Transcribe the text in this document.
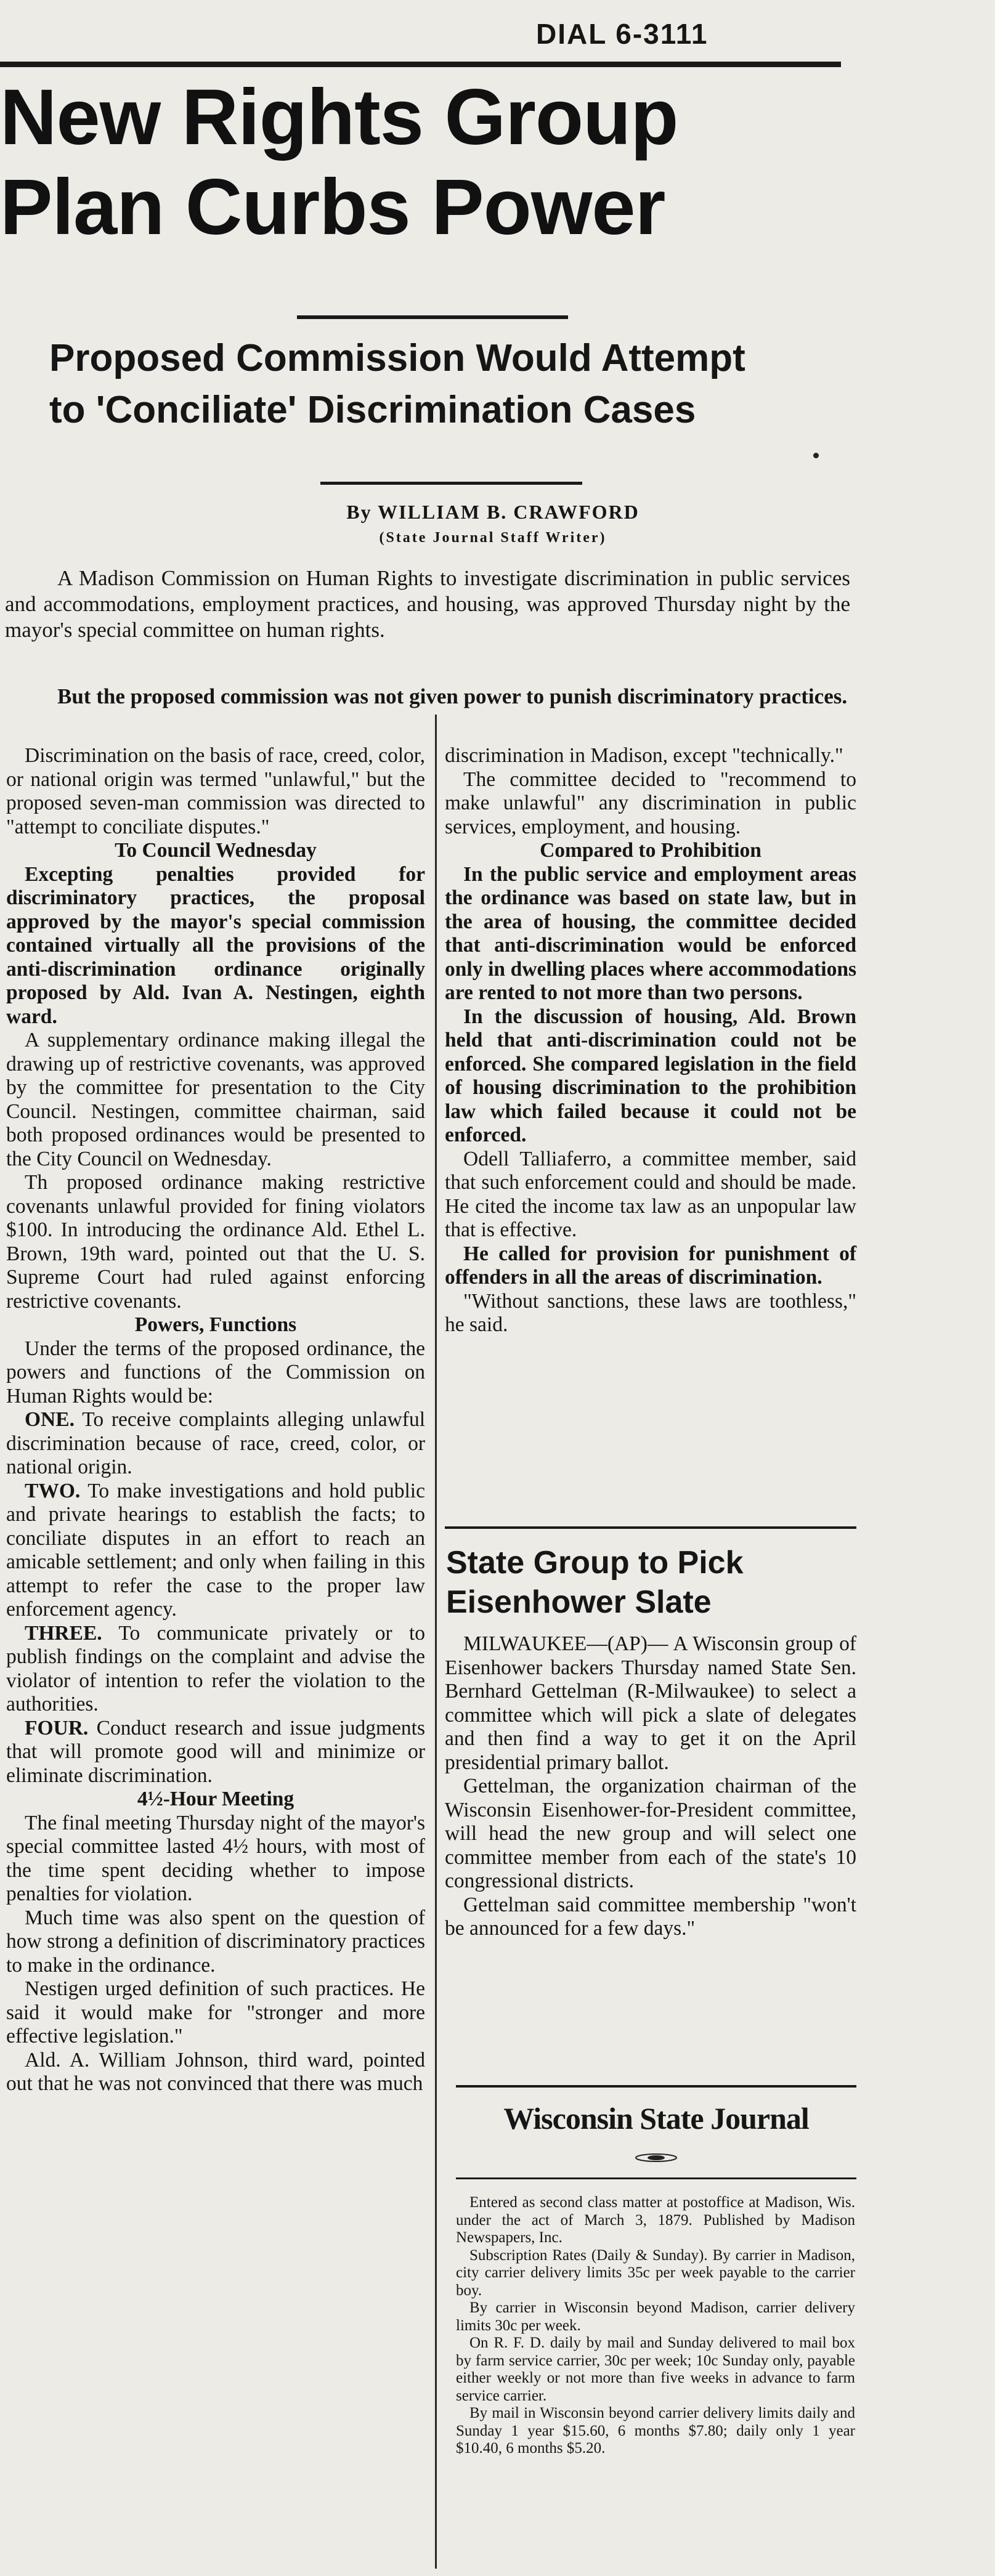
DIAL 6-3111
New Rights Group
Plan Curbs Power
Proposed Commission Would Attempt
to 'Conciliate' Discrimination Cases

By WILLIAM B. CRAWFORD

(State Journal Staff Writer)

A Madison Commission on Human Rights to investigate discrimination in public services and accommodations, employment practices, and housing, was approved Thursday night by the mayor's special committee on human rights.

But the proposed commission was not given power to punish discriminatory practices.

Discrimination on the basis of race, creed, color, or national origin was termed "unlawful," but the proposed seven-man commission was directed to "attempt to conciliate disputes."

To Council Wednesday

Excepting penalties provided for discriminatory practices, the proposal approved by the mayor's special commission contained virtually all the provisions of the anti-discrimination ordinance originally proposed by Ald. Ivan A. Nestingen, eighth ward.

A supplementary ordinance making illegal the drawing up of restrictive covenants, was approved by the committee for presentation to the City Council. Nestingen, committee chairman, said both proposed ordinances would be presented to the City Council on Wednesday.

Th proposed ordinance making restrictive covenants unlawful provided for fining violators $100. In introducing the ordinance Ald. Ethel L. Brown, 19th ward, pointed out that the U. S. Supreme Court had ruled against enforcing restrictive covenants.

Powers, Functions

Under the terms of the proposed ordinance, the powers and functions of the Commission on Human Rights would be:

ONE. To receive complaints alleging unlawful discrimination because of race, creed, color, or national origin.

TWO. To make investigations and hold public and private hearings to establish the facts; to conciliate disputes in an effort to reach an amicable settlement; and only when failing in this attempt to refer the case to the proper law enforcement agency.

THREE. To communicate privately or to publish findings on the complaint and advise the violator of intention to refer the violation to the authorities.

FOUR. Conduct research and issue judgments that will promote good will and minimize or eliminate discrimination.

4½-Hour Meeting

The final meeting Thursday night of the mayor's special committee lasted 4½ hours, with most of the time spent deciding whether to impose penalties for violation.

Much time was also spent on the question of how strong a definition of discriminatory practices to make in the ordinance.

Nestigen urged definition of such practices. He said it would make for "stronger and more effective legislation."

Ald. A. William Johnson, third ward, pointed out that he was not convinced that there was much

discrimination in Madison, except "technically."

The committee decided to "recommend to make unlawful" any discrimination in public services, employment, and housing.

Compared to Prohibition

In the public service and employment areas the ordinance was based on state law, but in the area of housing, the committee decided that anti-discrimination would be enforced only in dwelling places where accommodations are rented to not more than two persons.

In the discussion of housing, Ald. Brown held that anti-discrimination could not be enforced. She compared legislation in the field of housing discrimination to the prohibition law which failed because it could not be enforced.

Odell Talliaferro, a committee member, said that such enforcement could and should be made. He cited the income tax law as an unpopular law that is effective.

He called for provision for punishment of offenders in all the areas of discrimination.

"Without sanctions, these laws are toothless," he said.

State Group to Pick
Eisenhower Slate

MILWAUKEE—(AP)— A Wisconsin group of Eisenhower backers Thursday named State Sen. Bernhard Gettelman (R-Milwaukee) to select a committee which will pick a slate of delegates and then find a way to get it on the April presidential primary ballot.

Gettelman, the organization chairman of the Wisconsin Eisenhower-for-President committee, will head the new group and will select one committee member from each of the state's 10 congressional districts.

Gettelman said committee membership "won't be announced for a few days."

Wisconsin State Journal

Entered as second class matter at postoffice at Madison, Wis. under the act of March 3, 1879. Published by Madison Newspapers, Inc.

Subscription Rates (Daily & Sunday). By carrier in Madison, city carrier delivery limits 35c per week payable to the carrier boy.

By carrier in Wisconsin beyond Madison, carrier delivery limits 30c per week.

On R. F. D. daily by mail and Sunday delivered to mail box by farm service carrier, 30c per week; 10c Sunday only, payable either weekly or not more than five weeks in advance to farm service carrier.

By mail in Wisconsin beyond carrier delivery limits daily and Sunday 1 year $15.60, 6 months $7.80; daily only 1 year $10.40, 6 months $5.20.
